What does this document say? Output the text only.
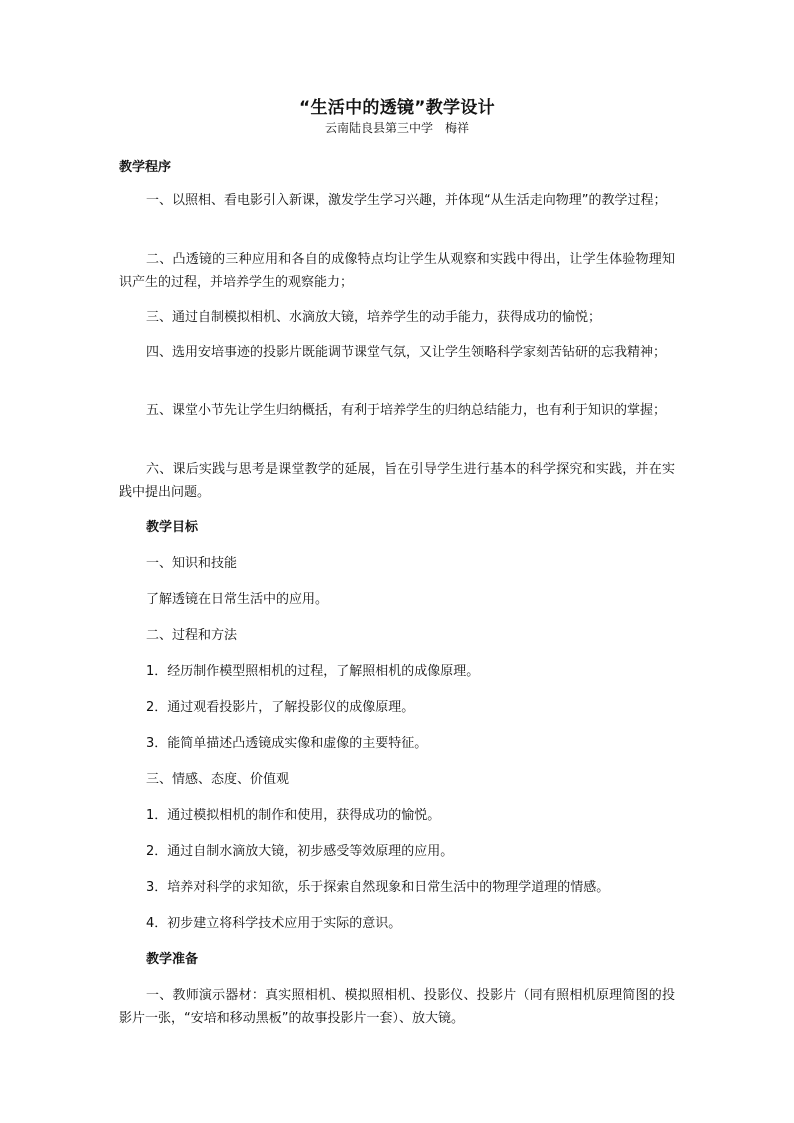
“生活中的透镜”教学设计
云南陆良县第三中学　梅祥
教学程序
一、以照相、看电影引入新课，激发学生学习兴趣，并体现“从生活走向物理”的教学过程；
二、凸透镜的三种应用和各自的成像特点均让学生从观察和实践中得出，让学生体验物理知识产生的过程，并培养学生的观察能力；
三、通过自制模拟相机、水滴放大镜，培养学生的动手能力，获得成功的愉悦；
四、选用安培事迹的投影片既能调节课堂气氛，又让学生领略科学家刻苦钻研的忘我精神；
五、课堂小节先让学生归纳概括，有利于培养学生的归纳总结能力，也有利于知识的掌握；
六、课后实践与思考是课堂教学的延展，旨在引导学生进行基本的科学探究和实践，并在实践中提出问题。
教学目标
一、知识和技能
了解透镜在日常生活中的应用。
二、过程和方法
1．经历制作模型照相机的过程，了解照相机的成像原理。
2．通过观看投影片，了解投影仪的成像原理。
3．能简单描述凸透镜成实像和虚像的主要特征。
三、情感、态度、价值观
1．通过模拟相机的制作和使用，获得成功的愉悦。
2．通过自制水滴放大镜，初步感受等效原理的应用。
3．培养对科学的求知欲，乐于探索自然现象和日常生活中的物理学道理的情感。
4．初步建立将科学技术应用于实际的意识。
教学准备
一、教师演示器材：真实照相机、模拟照相机、投影仪、投影片（同有照相机原理简图的投影片一张，“安培和移动黑板”的故事投影片一套）、放大镜。
